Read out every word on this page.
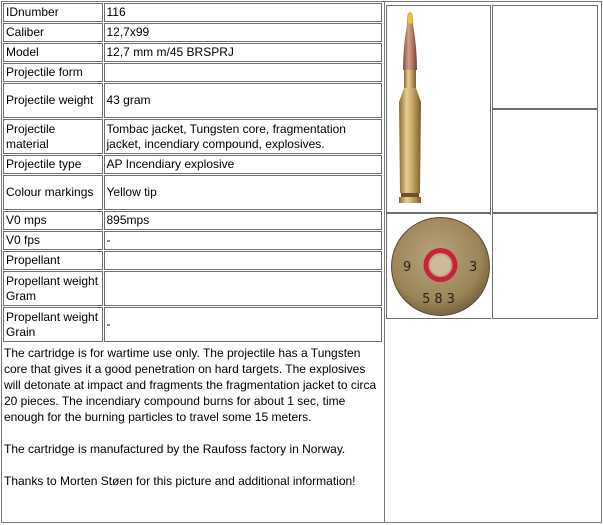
IDnumber	116
Caliber	12,7x99
Model	12,7 mm m/45 BRSPRJ
Projectile form	
Projectile weight	43 gram
Projectile material	Tombac jacket, Tungsten core, fragmentation jacket, incendiary compound, explosives.
Projectile type	AP Incendiary explosive
Colour markings	Yellow tip
V0 mps	895mps
V0 fps	-
Propellant	
Propellant weight Gram	
Propellant weight Grain	-

The cartridge is for wartime use only. The projectile has a Tungsten core that gives it a good penetration on hard targets. The explosives will detonate at impact and fragments the fragmentation jacket to circa 20 pieces. The incendiary compound burns for about 1 sec, time enough for the burning particles to travel some 15 meters.

The cartridge is manufactured by the Raufoss factory in Norway.

Thanks to Morten Støen for this picture and additional information!

9	3
583
